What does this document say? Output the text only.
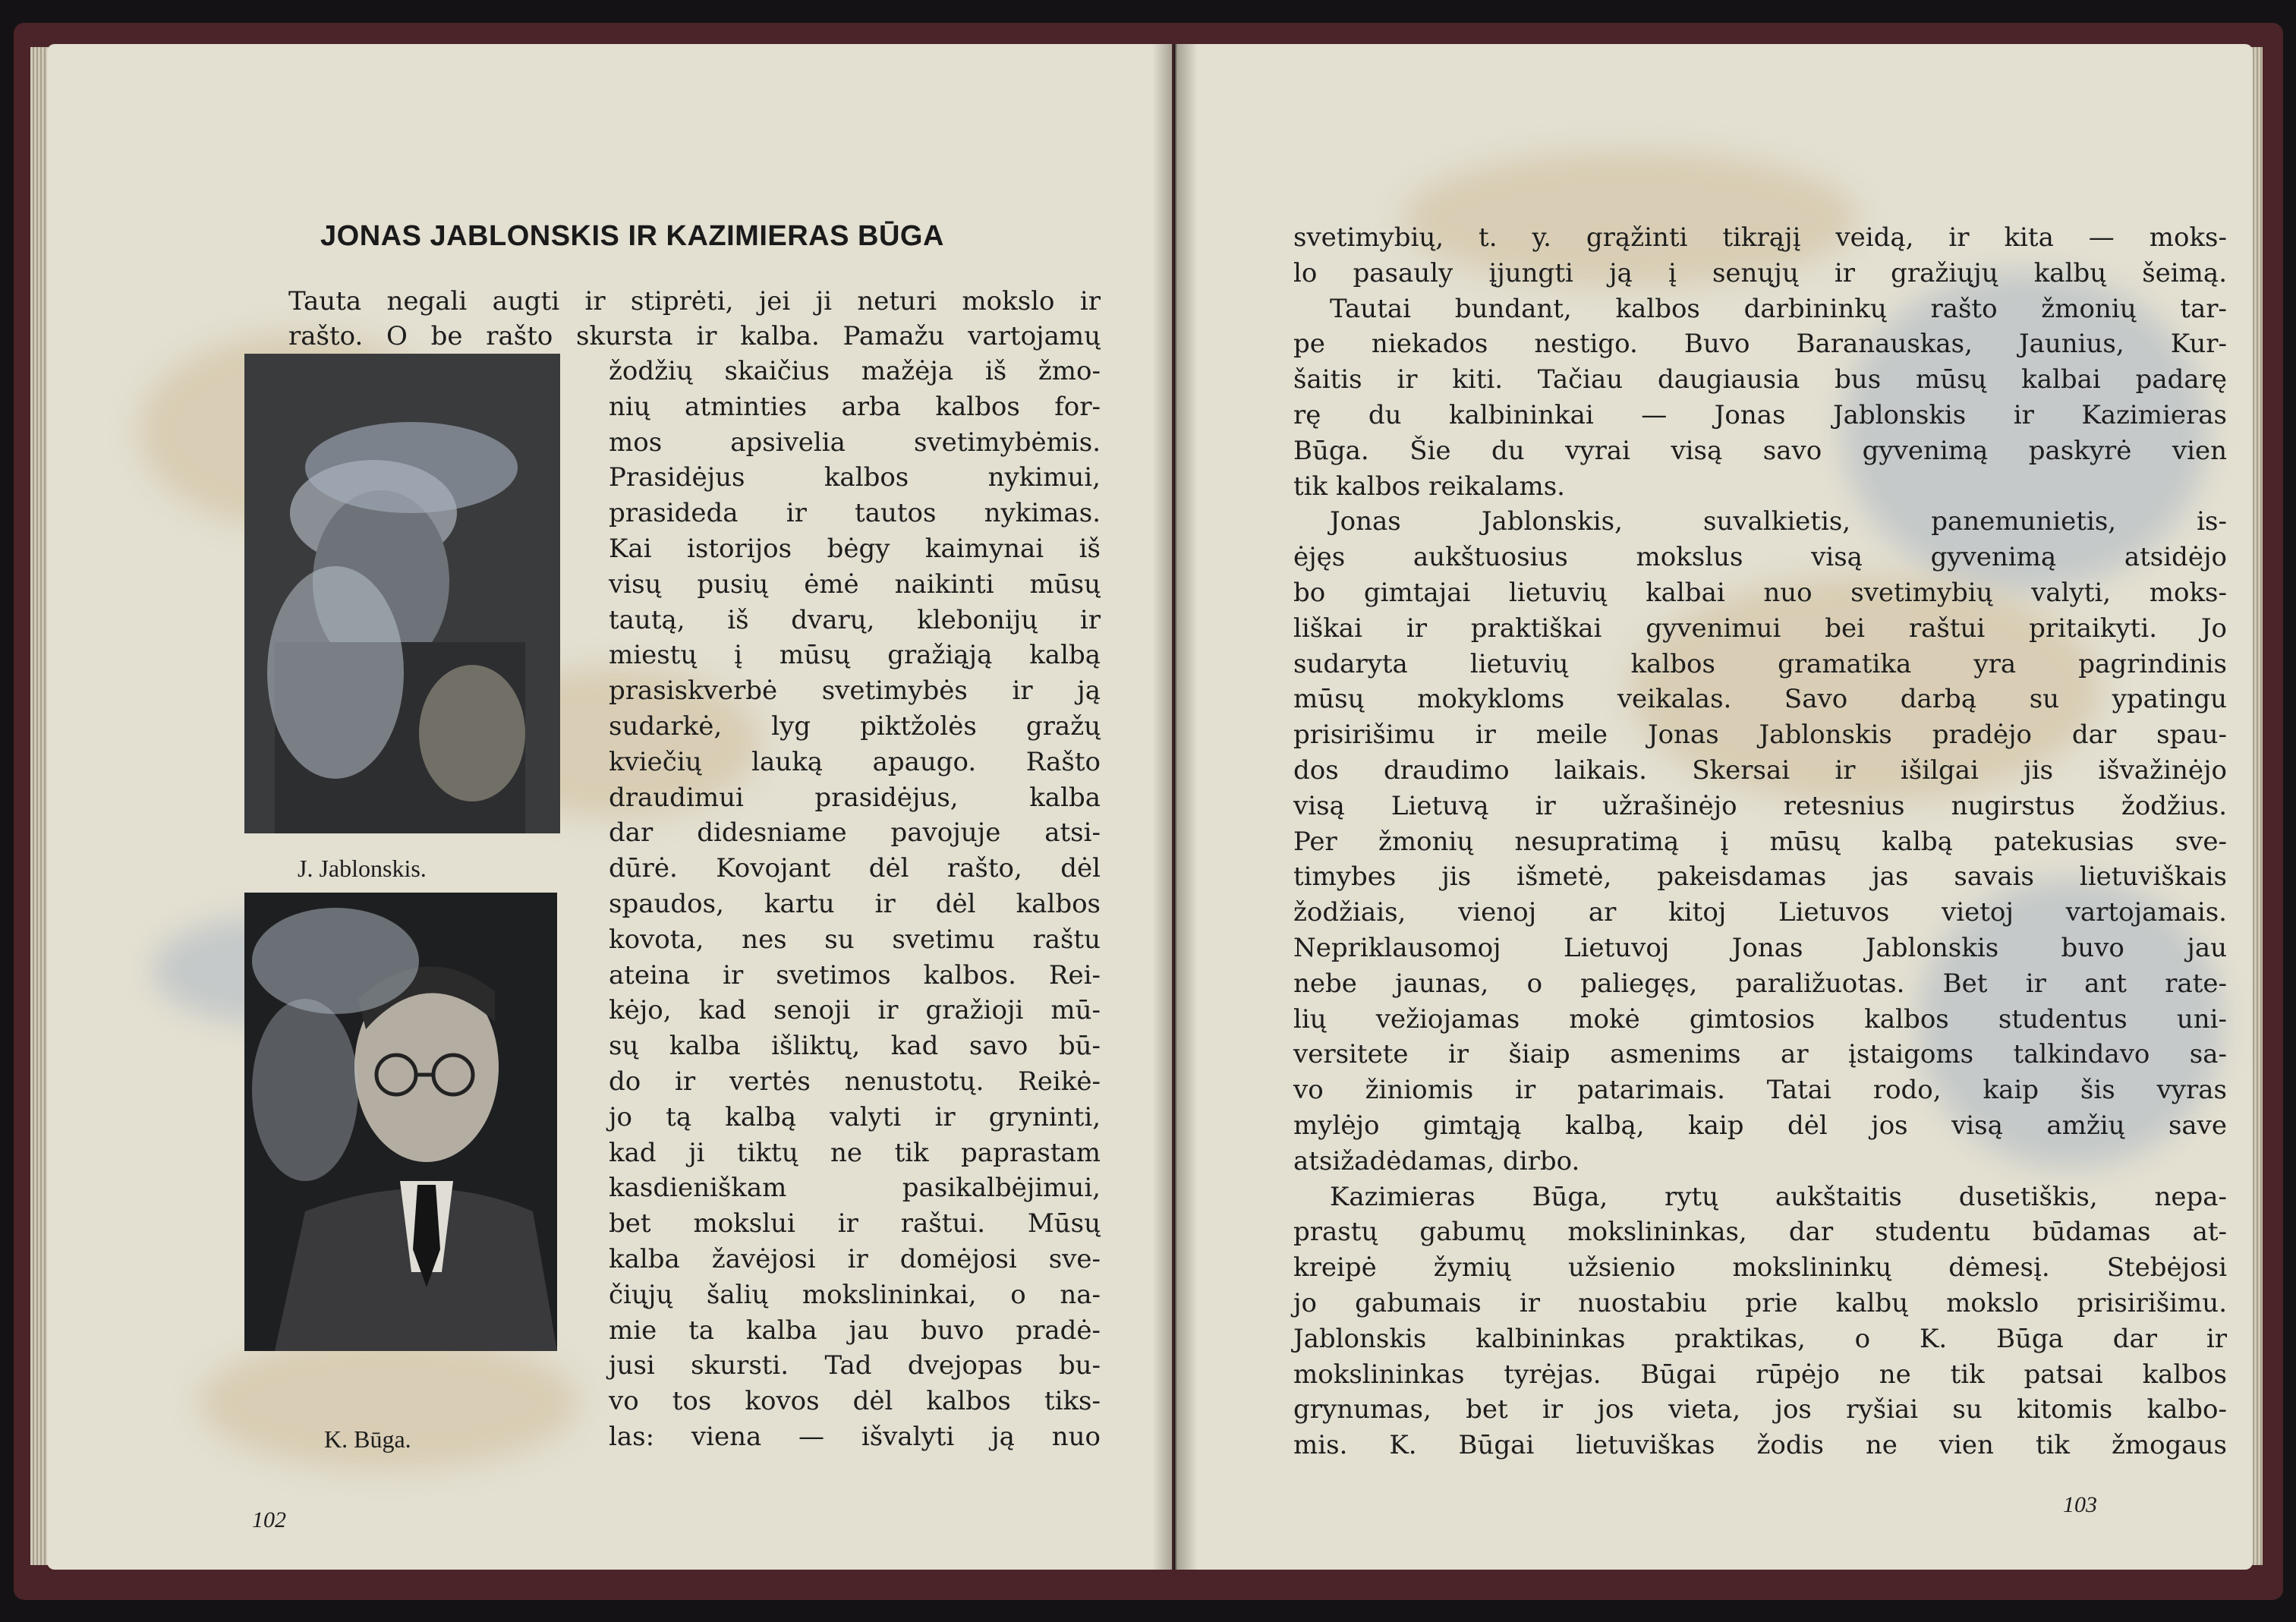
JONAS JABLONSKIS IR KAZIMIERAS BŪGA
Tauta negali augti ir stiprėti, jei ji neturi mokslo ir
rašto. O be rašto skursta ir kalba. Pamažu vartojamų
žodžių skaičius mažėja iš žmo-
nių atminties arba kalbos for-
mos apsivelia svetimybėmis.
Prasidėjus kalbos nykimui,
prasideda ir tautos nykimas.
Kai istorijos bėgy kaimynai iš
visų pusių ėmė naikinti mūsų
tautą, iš dvarų, klebonijų ir
miestų į mūsų gražiąją kalbą
prasiskverbė svetimybės ir ją
sudarkė, lyg piktžolės gražų
kviečių lauką apaugo. Rašto
draudimui prasidėjus, kalba
dar didesniame pavojuje atsi-
dūrė. Kovojant dėl rašto, dėl
spaudos, kartu ir dėl kalbos
kovota, nes su svetimu raštu
ateina ir svetimos kalbos. Rei-
kėjo, kad senoji ir gražioji mū-
sų kalba išliktų, kad savo bū-
do ir vertės nenustotų. Reikė-
jo tą kalbą valyti ir gryninti,
kad ji tiktų ne tik paprastam
kasdieniškam pasikalbėjimui,
bet mokslui ir raštui. Mūsų
kalba žavėjosi ir domėjosi sve-
čiųjų šalių mokslininkai, o na-
mie ta kalba jau buvo pradė-
jusi skursti. Tad dvejopas bu-
vo tos kovos dėl kalbos tiks-
las: viena — išvalyti ją nuo
J. Jablonskis.
K. Būga.
102
svetimybių, t. y. grąžinti tikrąjį veidą, ir kita — moks-
lo pasauly įjungti ją į senųjų ir gražiųjų kalbų šeimą.
Tautai bundant, kalbos darbininkų rašto žmonių tar-
pe niekados nestigo. Buvo Baranauskas, Jaunius, Kur-
šaitis ir kiti. Tačiau daugiausia bus mūsų kalbai padarę
rę du kalbininkai — Jonas Jablonskis ir Kazimieras
Būga. Šie du vyrai visą savo gyvenimą paskyrė vien
tik kalbos reikalams.
Jonas Jablonskis, suvalkietis, panemunietis, is-
ėjęs aukštuosius mokslus visą gyvenimą atsidėjo
bo gimtajai lietuvių kalbai nuo svetimybių valyti, moks-
liškai ir praktiškai gyvenimui bei raštui pritaikyti. Jo
sudaryta lietuvių kalbos gramatika yra pagrindinis
mūsų mokykloms veikalas. Savo darbą su ypatingu
prisirišimu ir meile Jonas Jablonskis pradėjo dar spau-
dos draudimo laikais. Skersai ir išilgai jis išvažinėjo
visą Lietuvą ir užrašinėjo retesnius nugirstus žodžius.
Per žmonių nesupratimą į mūsų kalbą patekusias sve-
timybes jis išmetė, pakeisdamas jas savais lietuviškais
žodžiais, vienoj ar kitoj Lietuvos vietoj vartojamais.
Nepriklausomoj Lietuvoj Jonas Jablonskis buvo jau
nebe jaunas, o paliegęs, paraližuotas. Bet ir ant rate-
lių vežiojamas mokė gimtosios kalbos studentus uni-
versitete ir šiaip asmenims ar įstaigoms talkindavo sa-
vo žiniomis ir patarimais. Tatai rodo, kaip šis vyras
mylėjo gimtąją kalbą, kaip dėl jos visą amžių save
atsižadėdamas, dirbo.
Kazimieras Būga, rytų aukštaitis dusetiškis, nepa-
prastų gabumų mokslininkas, dar studentu būdamas at-
kreipė žymių užsienio mokslininkų dėmesį. Stebėjosi
jo gabumais ir nuostabiu prie kalbų mokslo prisirišimu.
Jablonskis kalbininkas praktikas, o K. Būga dar ir
mokslininkas tyrėjas. Būgai rūpėjo ne tik patsai kalbos
grynumas, bet ir jos vieta, jos ryšiai su kitomis kalbo-
mis. K. Būgai lietuviškas žodis ne vien tik žmogaus
103
